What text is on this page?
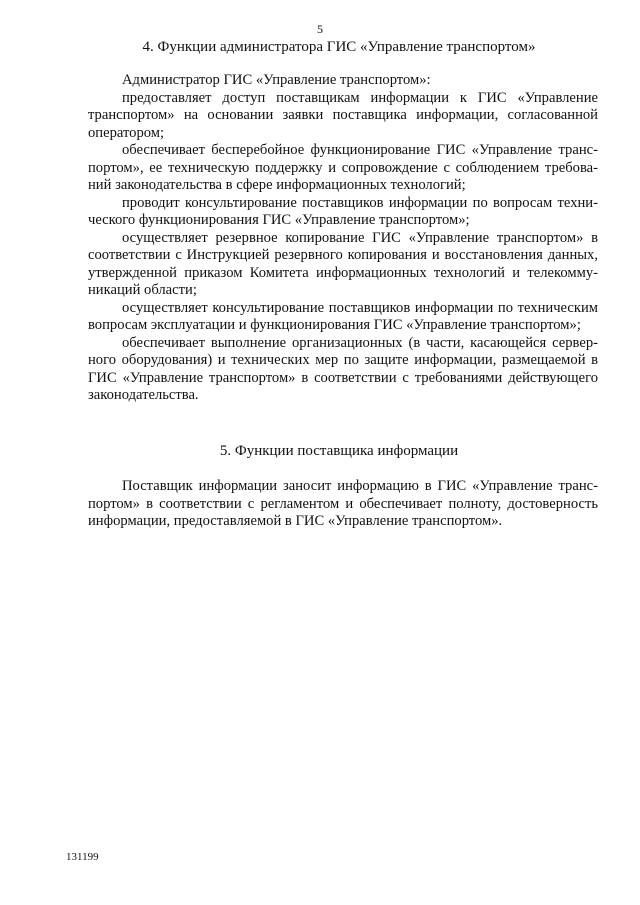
5
4. Функции администратора ГИС «Управление транспортом»

Администратор ГИС «Управление транспортом»:

предоставляет доступ поставщикам информации к ГИС «Управление транспортом» на основании заявки поставщика информации, согласованной оператором;

обеспечивает бесперебойное функционирование ГИС «Управление транспортом», ее техническую поддержку и сопровождение с соблюдением требований законодательства в сфере информационных технологий;

проводит консультирование поставщиков информации по вопросам технического функционирования ГИС «Управление транспортом»;

осуществляет резервное копирование ГИС «Управление транспортом» в соответствии с Инструкцией резервного копирования и восстановления данных, утвержденной приказом Комитета информационных технологий и телекоммуникаций области;

осуществляет консультирование поставщиков информации по техническим вопросам эксплуатации и функционирования ГИС «Управление транспортом»;

обеспечивает выполнение организационных (в части, касающейся серверного оборудования) и технических мер по защите информации, размещаемой в ГИС «Управление транспортом» в соответствии с требованиями действующего законодательства.

5. Функции поставщика информации

Поставщик информации заносит информацию в ГИС «Управление транспортом» в соответствии с регламентом и обеспечивает полноту, достоверность информации, предоставляемой в ГИС «Управление транспортом».

131199
